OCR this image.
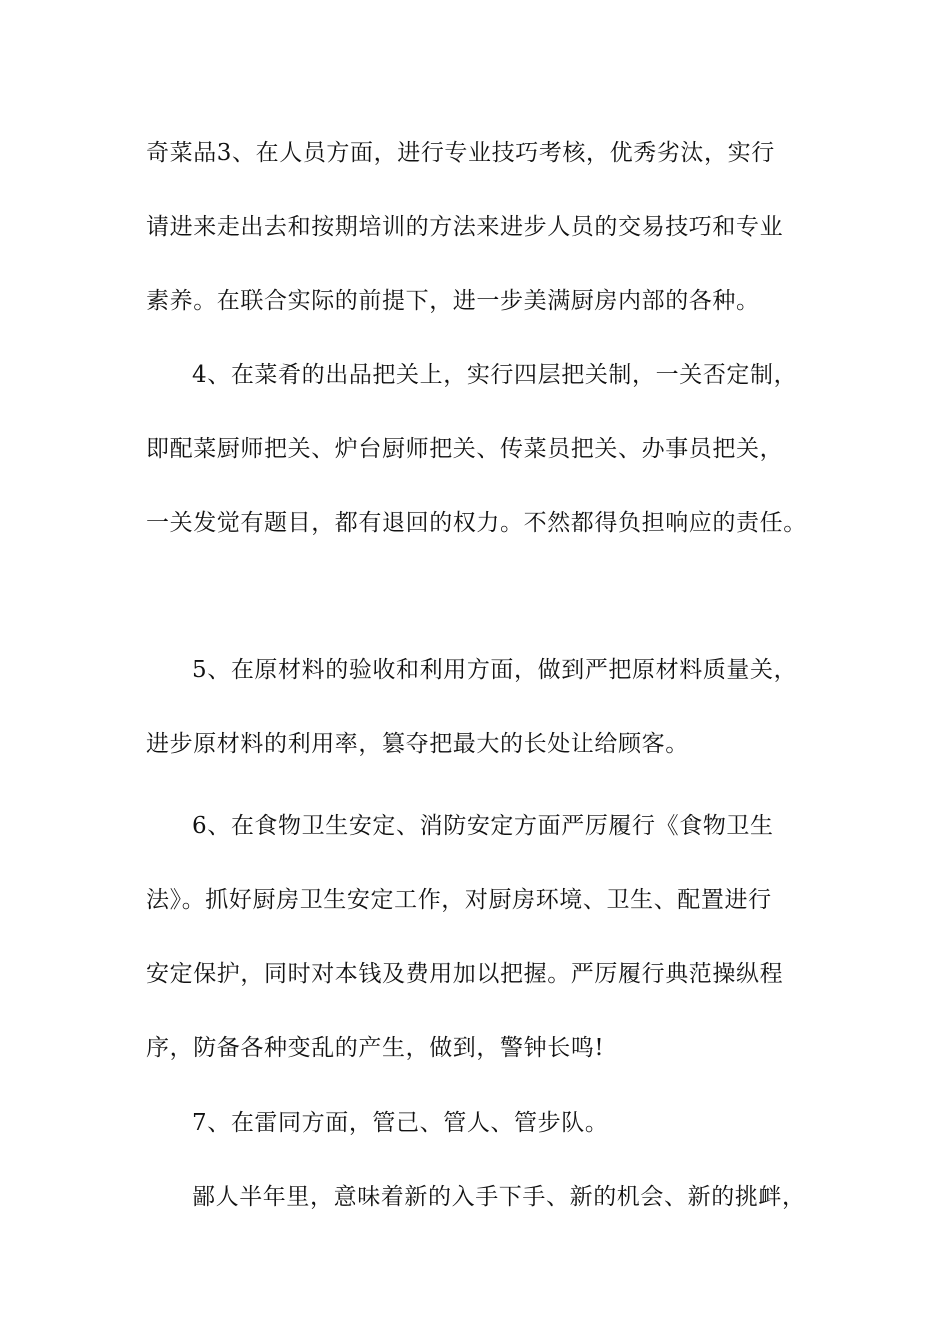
奇菜品3、在人员方面，进行专业技巧考核，优秀劣汰，实行
请进来走出去和按期培训的方法来进步人员的交易技巧和专业
素养。在联合实际的前提下，进一步美满厨房内部的各种。
4、在菜肴的出品把关上，实行四层把关制，一关否定制，
即配菜厨师把关、炉台厨师把关、传菜员把关、办事员把关，
一关发觉有题目，都有退回的权力。不然都得负担响应的责任。
5、在原材料的验收和利用方面，做到严把原材料质量关，
进步原材料的利用率，篡夺把最大的长处让给顾客。
6、在食物卫生安定、消防安定方面严厉履行《食物卫生
法》。抓好厨房卫生安定工作，对厨房环境、卫生、配置进行
安定保护，同时对本钱及费用加以把握。严厉履行典范操纵程
序，防备各种变乱的产生，做到，警钟长鸣!
7、在雷同方面，管己、管人、管步队。
鄙人半年里，意味着新的入手下手、新的机会、新的挑衅，
